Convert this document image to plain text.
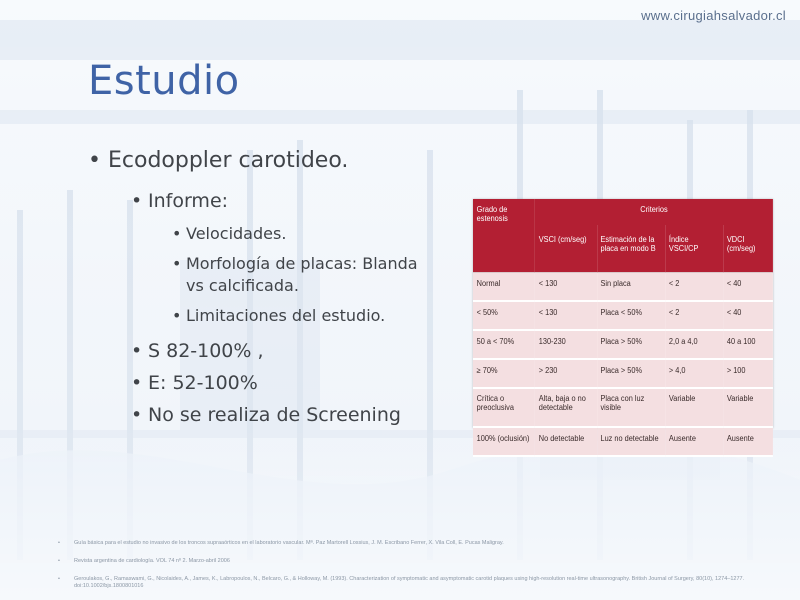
www.cirugiahsalvador.cl
Estudio
• Ecodoppler carotideo.
• Informe:
• Velocidades.
• Morfología de placas: Blanda
vs calcificada.
• Limitaciones del estudio.
• S 82-100% ,
• E: 52-100%
• No se realiza de Screening
Grado de estenosis	Criterios			
	VSCI (cm/seg)	Estimación de la placa en modo B	Índice VSCI/CP	VDCI (cm/seg)
Normal	< 130	Sin placa	< 2	< 40
< 50%	< 130	Placa < 50%	< 2	< 40
50 a < 70%	130-230	Placa > 50%	2,0 a 4,0	40 a 100
≥ 70%	> 230	Placa > 50%	> 4,0	> 100
Crítica o preoclusiva	Alta, baja o no detectable	Placa con luz visible	Variable	Variable
100% (oclusión)	No detectable	Luz no detectable	Ausente	Ausente
•	Guía básica para el estudio no invasivo de los troncos supraaórticos en el laboratorio vascular. Mª. Paz Martorell Lossius, J. M. Escribano Ferrer, X. Vila Coll, E. Pucas Maligray.
•	Revista argentina de cardiología. VOL 74 nº 2. Marzo-abril 2006
•	Geroulakos, G., Ramaswami, G., Nicolaides, A., James, K., Labropoulos, N., Belcaro, G., & Holloway, M. (1993). Characterization of symptomatic and asymptomatic carotid plaques using high-resolution real-time ultrasonography. British Journal of Surgery, 80(10), 1274–1277. doi:10.1002/bjs.1800801016
